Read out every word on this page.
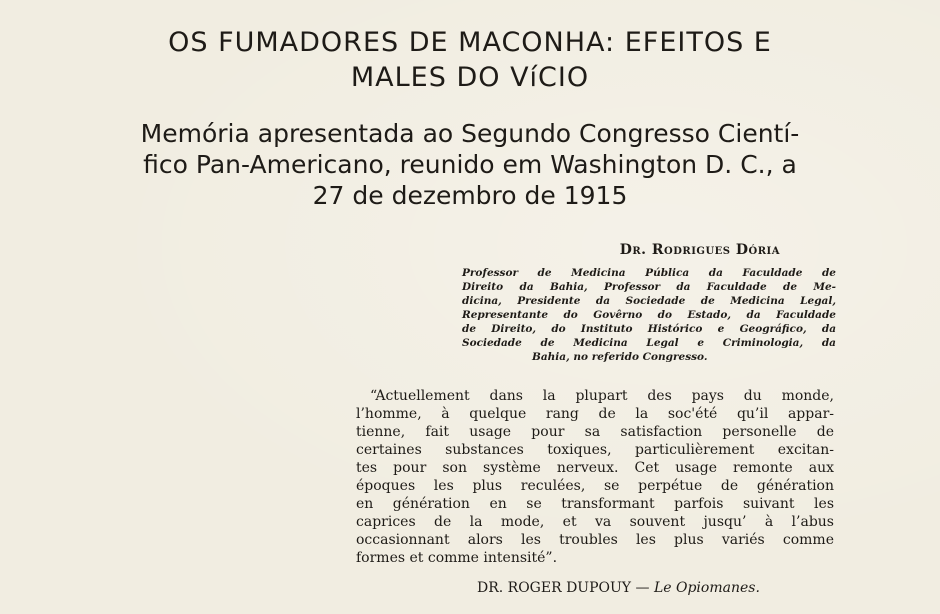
OS FUMADORES DE MACONHA: EFEITOS E
MALES DO VíCIO

Memória apresentada ao Segundo Congresso Cientí-

fico Pan-Americano, reunido em Washington D. C., a

27 de dezembro de 1915

Dr. Rodrigues Dória
Professor de Medicina Pública da Faculdade de
Direito da Bahia, Professor da Faculdade de Me-
dicina, Presidente da Sociedade de Medicina Legal,
Representante do Govêrno do Estado, da Faculdade
de Direito, do Instituto Histórico e Geográfico, da
Sociedade de Medicina Legal e Criminologia, da
Bahia, no referido Congresso.
“Actuellement dans la plupart des pays du monde,
l’homme, à quelque rang de la soc'été qu’il appar-
tienne, fait usage pour sa satisfaction personelle de
certaines substances toxiques, particulièrement excitan-
tes pour son système nerveux. Cet usage remonte aux
époques les plus reculées, se perpétue de génération
en génération en se transformant parfois suivant les
caprices de la mode, et va souvent jusqu’ à l’abus
occasionnant alors les troubles les plus variés comme
formes et comme intensité”.
DR. ROGER DUPOUY — Le Opiomanes.
